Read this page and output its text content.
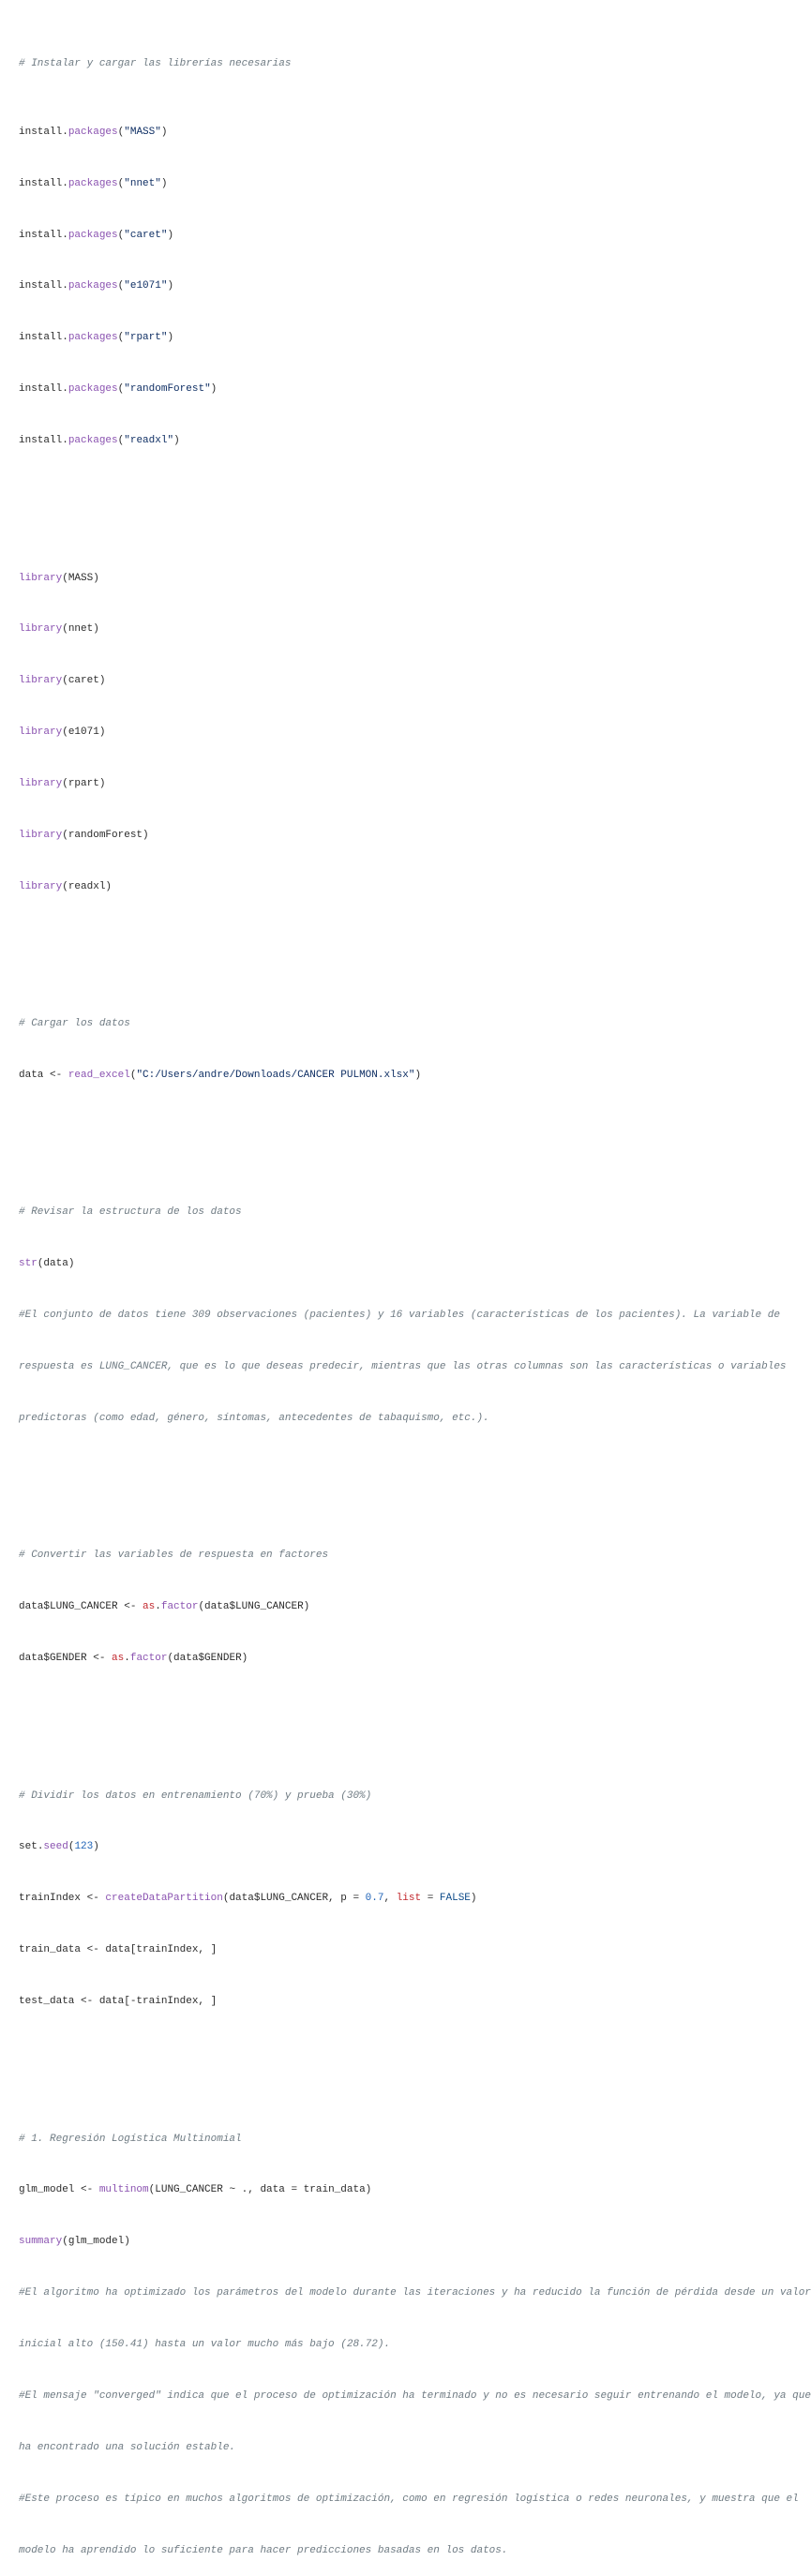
# Instalar y cargar las librerías necesarias

install.packages("MASS")

install.packages("nnet")

install.packages("caret")

install.packages("e1071")

install.packages("rpart")

install.packages("randomForest")

install.packages("readxl")

library(MASS)

library(nnet)

library(caret)

library(e1071)

library(rpart)

library(randomForest)

library(readxl)

# Cargar los datos

data <- read_excel("C:/Users/andre/Downloads/CANCER PULMON.xlsx")

# Revisar la estructura de los datos

str(data)

#El conjunto de datos tiene 309 observaciones (pacientes) y 16 variables (características de los pacientes). La variable de

respuesta es LUNG_CANCER, que es lo que deseas predecir, mientras que las otras columnas son las características o variables

predictoras (como edad, género, síntomas, antecedentes de tabaquismo, etc.).

# Convertir las variables de respuesta en factores

data$LUNG_CANCER <- as.factor(data$LUNG_CANCER)

data$GENDER <- as.factor(data$GENDER)

# Dividir los datos en entrenamiento (70%) y prueba (30%)

set.seed(123)

trainIndex <- createDataPartition(data$LUNG_CANCER, p = 0.7, list = FALSE)

train_data <- data[trainIndex, ]

test_data <- data[-trainIndex, ]

# 1. Regresión Logística Multinomial

glm_model <- multinom(LUNG_CANCER ~ ., data = train_data)

summary(glm_model)

#El algoritmo ha optimizado los parámetros del modelo durante las iteraciones y ha reducido la función de pérdida desde un valor

inicial alto (150.41) hasta un valor mucho más bajo (28.72).

#El mensaje "converged" indica que el proceso de optimización ha terminado y no es necesario seguir entrenando el modelo, ya que

ha encontrado una solución estable.

#Este proceso es típico en muchos algoritmos de optimización, como en regresión logística o redes neuronales, y muestra que el

modelo ha aprendido lo suficiente para hacer predicciones basadas en los datos.
